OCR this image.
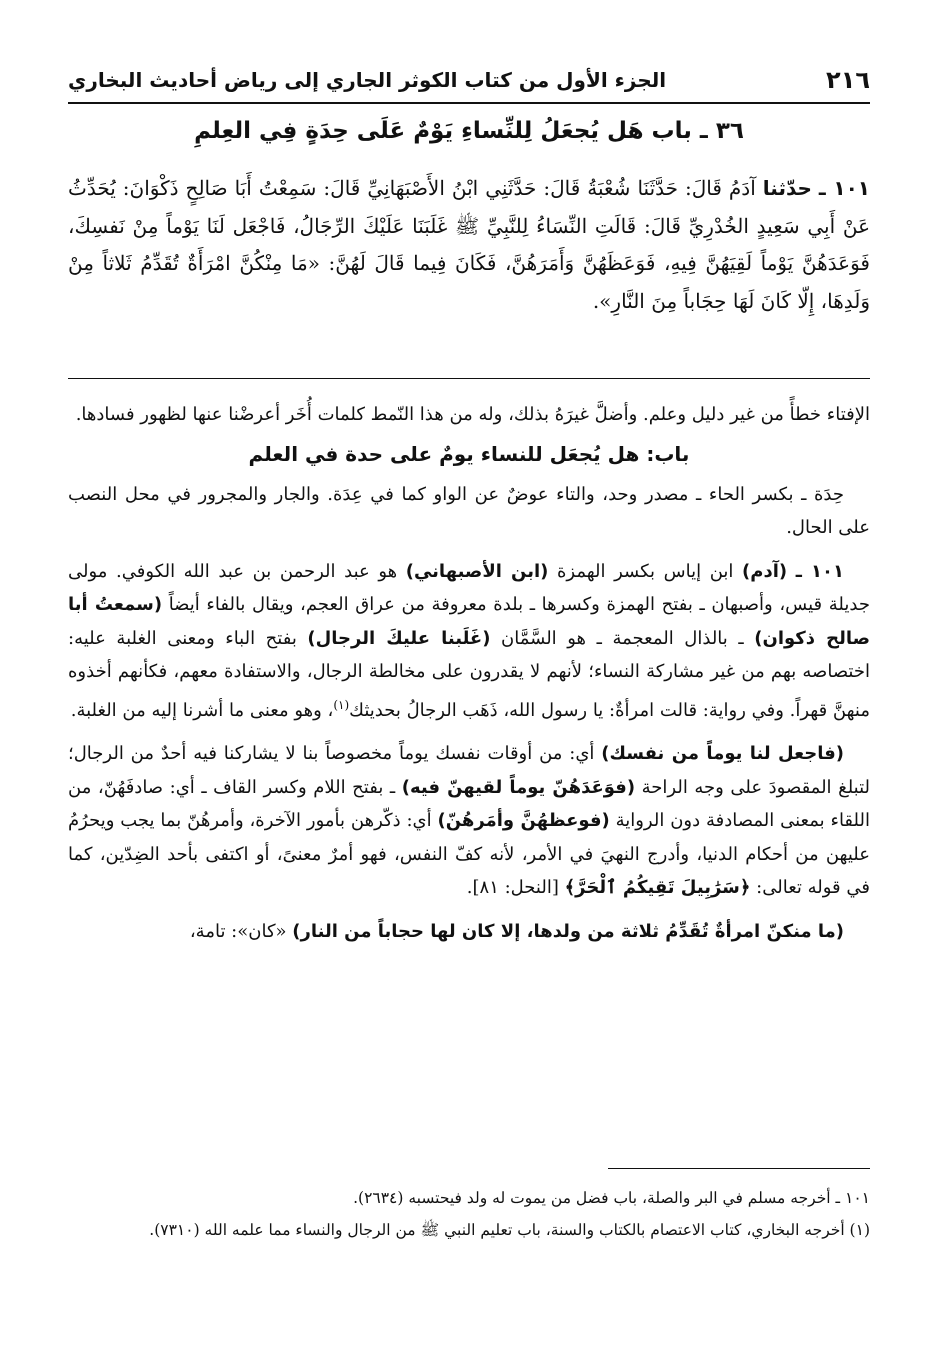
٢١٦
الجزء الأول من كتاب الكوثر الجاري إلى رياض أحاديث البخاري
٣٦ ـ باب هَل يُجعَلُ لِلنِّساءِ يَوْمٌ عَلَى حِدَةٍ فِي العِلمِ
١٠١ ـ حدّثنا آدَمُ قَالَ: حَدَّثَنَا شُعْبَةُ قَالَ: حَدَّثَنِي ابْنُ الأَصْبَهَانِيِّ قَالَ: سَمِعْتُ أَبَا صَالِحٍ ذَكْوَانَ: يُحَدِّثُ عَنْ أَبِي سَعِيدٍ الخُدْرِيِّ قَالَ: قَالَتِ النِّسَاءُ لِلنَّبِيِّ ﷺ غَلَبَنَا عَلَيْكَ الرِّجَالُ، فَاجْعَل لَنَا يَوْماً مِنْ نَفسِكَ، فَوَعَدَهُنَّ يَوْماً لَقِيَهُنَّ فِيهِ، فَوَعَظَهُنَّ وَأَمَرَهُنَّ، فَكَانَ فِيما قَالَ لَهُنَّ: «مَا مِنْكُنَّ امْرَأَةٌ تُقَدِّمُ ثَلاثاً مِنْ وَلَدِهَا، إِلّا كَانَ لَهَا حِجَاباً مِنَ النَّارِ».

الإفتاء خطأً من غير دليل وعلم. وأضلَّ غيرَهُ بذلك، وله من هذا النّمط كلمات أُخَر أعرضْنا عنها لظهور فسادها.

باب: هل يُجعَل للنساء يومٌ على حدة في العلم

حِدَة ـ بكسر الحاء ـ مصدر وحد، والتاء عوضٌ عن الواو كما في عِدَة. والجار والمجرور في محل النصب على الحال.

١٠١ ـ (آدم) ابن إياس بكسر الهمزة (ابن الأصبهاني) هو عبد الرحمن بن عبد الله الكوفي. مولى جديلة قيس، وأصبهان ـ بفتح الهمزة وكسرها ـ بلدة معروفة من عراق العجم، ويقال بالفاء أيضاً (سمعتُ أبا صالح ذكوان) ـ بالذال المعجمة ـ هو السَّمَّان (غَلَبنا عليكَ الرجال) بفتح الباء ومعنى الغلبة عليه: اختصاصه بهم من غير مشاركة النساء؛ لأنهم لا يقدرون على مخالطة الرجال، والاستفادة معهم، فكأنهم أخذوه منهنَّ قهراً. وفي رواية: قالت امرأةٌ: يا رسول الله، ذَهَب الرجالُ بحديثك$^{(١)}$، وهو معنى ما أشرنا إليه من الغلبة.

(فاجعل لنا يوماً من نفسك) أي: من أوقات نفسك يوماً مخصوصاً بنا لا يشاركنا فيه أحدٌ من الرجال؛ لتبلغ المقصودَ على وجه الراحة (فوَعَدَهُنّ يوماً لقيهنّ فيه) ـ بفتح اللام وكسر القاف ـ أي: صادفَهُنّ، من اللقاء بمعنى المصادفة دون الرواية (فوعظهُنَّ وأمَرهُنّ) أي: ذكّرهن بأمور الآخرة، وأمرهُنّ بما يجب ويحرُمُ عليهن من أحكام الدنيا، وأدرج النهيَ في الأمر، لأنه كفّ النفس، فهو أمرٌ معنىً، أو اكتفى بأحد الضِدّين، كما في قوله تعالى: ﴿سَرَٰبِيلَ تَقِيكُمُ ٱلْحَرَّ﴾ [النحل: ٨١].

(ما منكنّ امرأةٌ تُقَدِّمُ ثلاثة من ولدها، إلا كان لها حجاباً من النار) «كان»: تامة،

١٠١ ـ أخرجه مسلم في البر والصلة، باب فضل من يموت له ولد فيحتسبه (٢٦٣٤).

(١) أخرجه البخاري، كتاب الاعتصام بالكتاب والسنة، باب تعليم النبي ﷺ من الرجال والنساء مما علمه الله (٧٣١٠).
